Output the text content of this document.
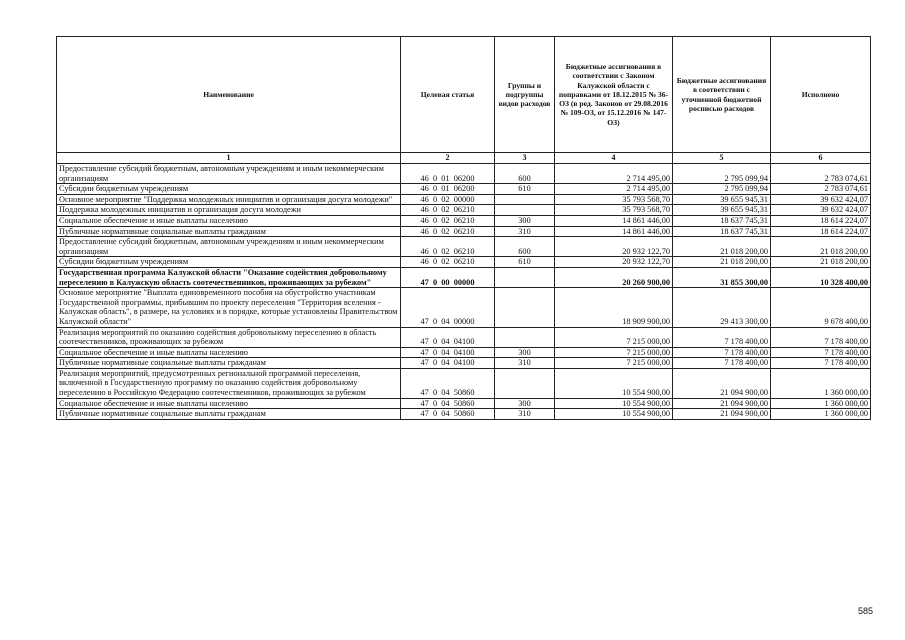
Наименование	Целевая статья	Группы и подгруппы видов расходов	Бюджетные ассигнования в соответствии с Законом Калужской области с поправками от 18.12.2015 № 36-ОЗ (в ред. Законов от 29.08.2016 № 109-ОЗ, от 15.12.2016 № 147-ОЗ)	Бюджетные ассигнования в соответствии с уточненной бюджетной росписью расходов	Исполнено
1	2	3	4	5	6
Предоставление субсидий бюджетным, автономным учреждениям и иным некоммерческим организациям	46  0  01  06200	600	2 714 495,00	2 795 099,94	2 783 074,61
Субсидии бюджетным учреждениям	46  0  01  06200	610	2 714 495,00	2 795 099,94	2 783 074,61
Основное мероприятие "Поддержка молодежных инициатив и организация досуга молодежи"	46  0  02  00000		35 793 568,70	39 655 945,31	39 632 424,07
Поддержка молодежных инициатив и организация досуга молодежи	46  0  02  06210		35 793 568,70	39 655 945,31	39 632 424,07
Социальное обеспечение и иные выплаты населению	46  0  02  06210	300	14 861 446,00	18 637 745,31	18 614 224,07
Публичные нормативные социальные выплаты гражданам	46  0  02  06210	310	14 861 446,00	18 637 745,31	18 614 224,07
Предоставление субсидий бюджетным, автономным учреждениям и иным некоммерческим организациям	46  0  02  06210	600	20 932 122,70	21 018 200,00	21 018 200,00
Субсидии бюджетным учреждениям	46  0  02  06210	610	20 932 122,70	21 018 200,00	21 018 200,00
Государственная программа Калужской области "Оказание содействия добровольному переселению в Калужскую область соотечественников, проживающих за рубежом"	47  0  00  00000		20 260 900,00	31 855 300,00	10 328 400,00
Основное мероприятие "Выплата единовременного пособия на обустройство участникам Государственной программы, прибывшим по проекту переселения "Территория вселения - Калужская область", в размере, на условиях и в порядке, которые установлены Правительством Калужской области"	47  0  04  00000		18 909 900,00	29 413 300,00	9 678 400,00
Реализация мероприятий по оказанию содействия добровольному переселению в область соотечественников, проживающих за рубежом	47  0  04  04100		7 215 000,00	7 178 400,00	7 178 400,00
Социальное обеспечение и иные выплаты населению	47  0  04  04100	300	7 215 000,00	7 178 400,00	7 178 400,00
Публичные нормативные социальные выплаты гражданам	47  0  04  04100	310	7 215 000,00	7 178 400,00	7 178 400,00
Реализация мероприятий, предусмотренных региональной программой переселения, включенной в Государственную программу по оказанию содействия добровольному переселению в Российскую Федерацию соотечественников, проживающих за рубежом	47  0  04  50860		10 554 900,00	21 094 900,00	1 360 000,00
Социальное обеспечение и иные выплаты населению	47  0  04  50860	300	10 554 900,00	21 094 900,00	1 360 000,00
Публичные нормативные социальные выплаты гражданам	47  0  04  50860	310	10 554 900,00	21 094 900,00	1 360 000,00
585
